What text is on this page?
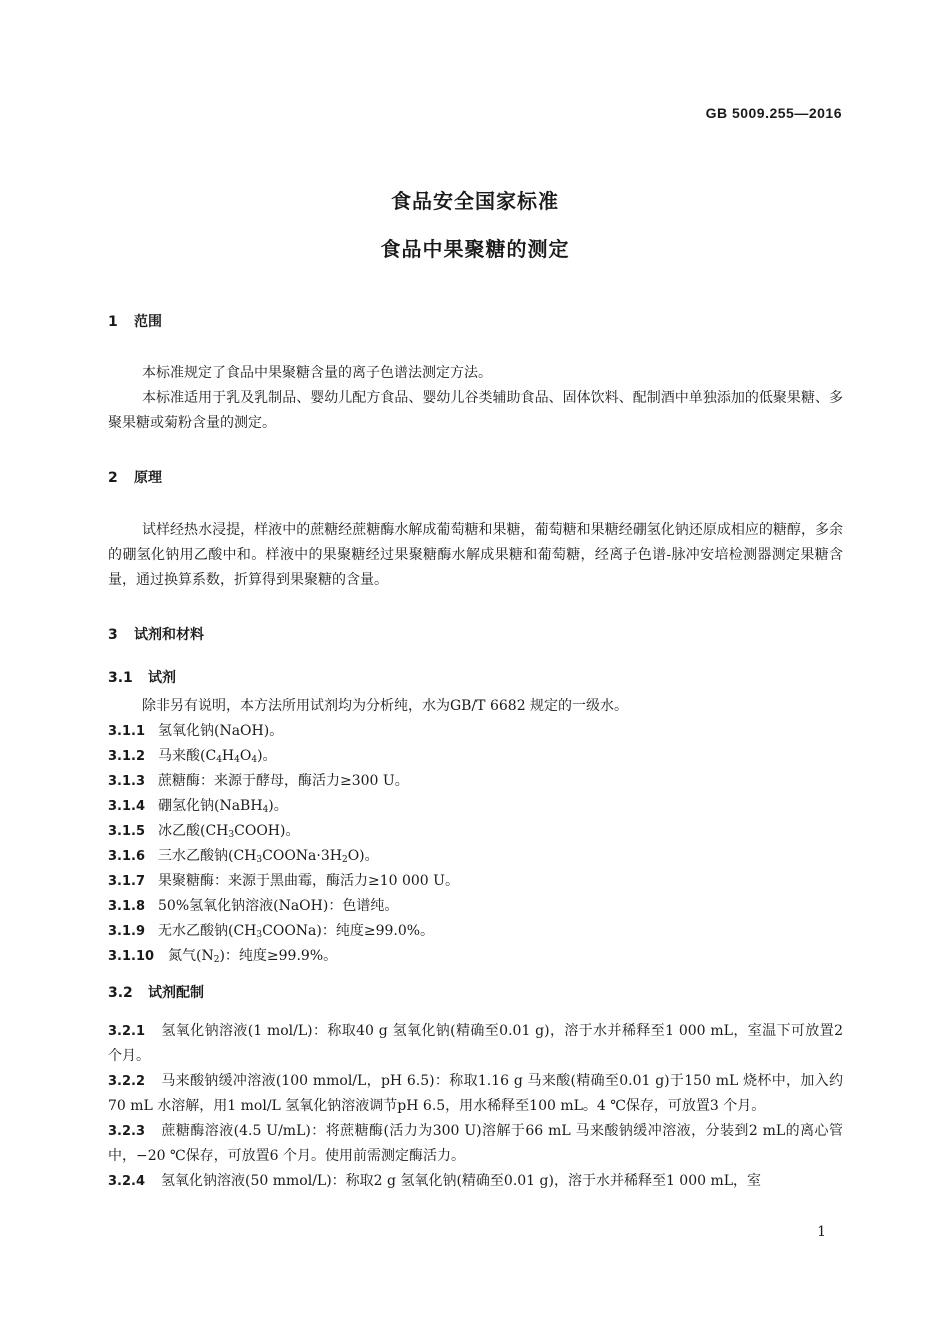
GB 5009.255—2016
食品安全国家标准
食品中果聚糖的测定
1 范围

本标准规定了食品中果聚糖含量的离子色谱法测定方法。

本标准适用于乳及乳制品、婴幼儿配方食品、婴幼儿谷类辅助食品、固体饮料、配制酒中单独添加的低聚果糖、多聚果糖或菊粉含量的测定。

2 原理

试样经热水浸提，样液中的蔗糖经蔗糖酶水解成葡萄糖和果糖，葡萄糖和果糖经硼氢化钠还原成相应的糖醇，多余的硼氢化钠用乙酸中和。样液中的果聚糖经过果聚糖酶水解成果糖和葡萄糖，经离子色谱-脉冲安培检测器测定果糖含量，通过换算系数，折算得到果聚糖的含量。

3 试剂和材料
3.1 试剂

除非另有说明，本方法所用试剂均为分析纯，水为GB/T 6682 规定的一级水。

3.1.1 氢氧化钠(NaOH)。
3.1.2 马来酸$(C_4H_4O_4)$。
3.1.3 蔗糖酶：来源于酵母，酶活力≥300 U。
3.1.4 硼氢化钠(NaBH$_4$)。
3.1.5 冰乙酸$(CH_3COOH)$。
3.1.6 三水乙酸钠$(CH_3COONa\cdot 3H_2O)$。
3.1.7 果聚糖酶：来源于黑曲霉，酶活力≥10 000 U。
3.1.8 50%氢氧化钠溶液(NaOH)：色谱纯。
3.1.9 无水乙酸钠$(CH_3COONa)$：纯度≥99.0%。
3.1.10 氮气$(N_2)$：纯度≥99.9%。
3.2 试剂配制
3.2.1 氢氧化钠溶液(1 mol/L)：称取40 g 氢氧化钠(精确至0.01 g)，溶于水并稀释至1 000 mL，室温下可放置2 个月。
3.2.2 马来酸钠缓冲溶液(100 mmol/L，pH 6.5)：称取1.16 g 马来酸(精确至0.01 g)于150 mL 烧杯中，加入约70 mL 水溶解，用1 mol/L 氢氧化钠溶液调节pH 6.5，用水稀释至100 mL。4 ℃保存，可放置3 个月。
3.2.3 蔗糖酶溶液(4.5 U/mL)：将蔗糖酶(活力为300 U)溶解于66 mL 马来酸钠缓冲溶液，分装到2 mL的离心管中，−20 ℃保存，可放置6 个月。使用前需测定酶活力。
3.2.4 氢氧化钠溶液(50 mmol/L)：称取2 g 氢氧化钠(精确至0.01 g)，溶于水并稀释至1 000 mL，室
1
